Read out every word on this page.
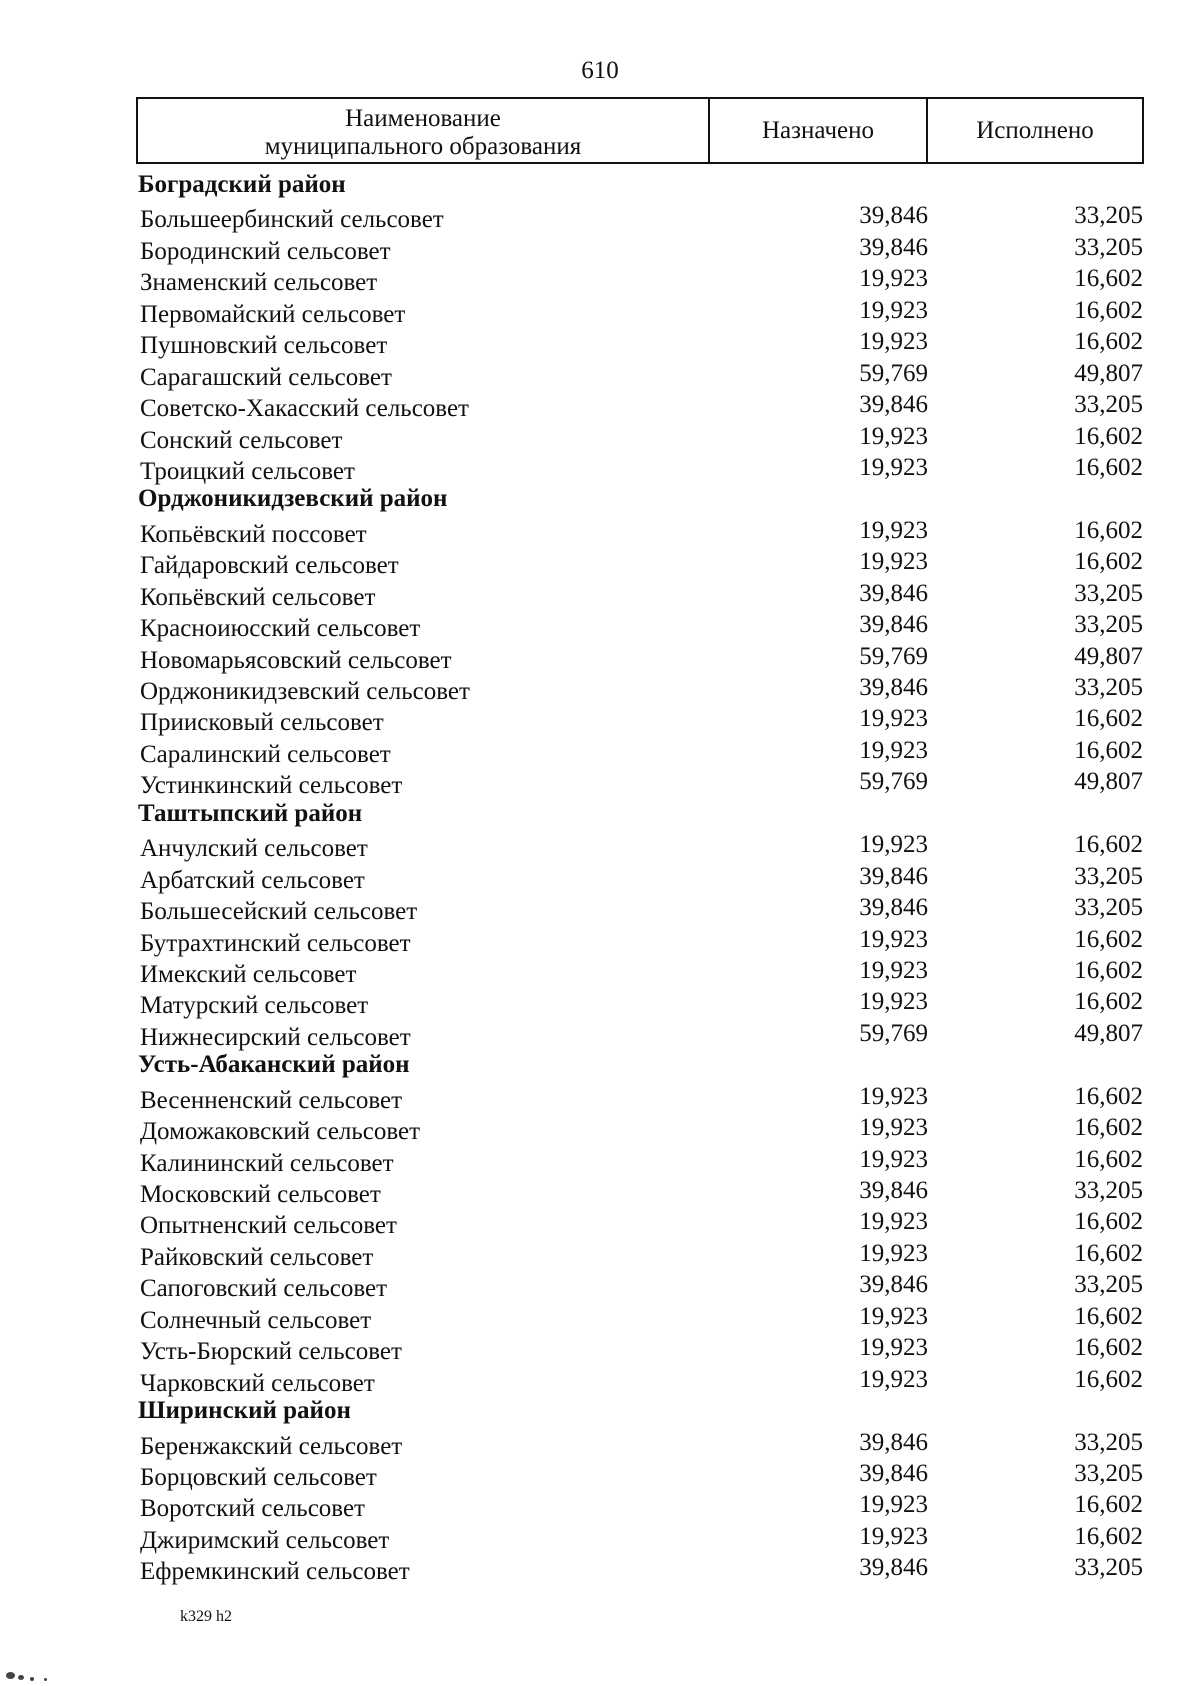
610
Наименование
муниципального образования
Назначено	Исполнено
Боградский район
Большеербинский сельсовет	39,846	33,205
Бородинский сельсовет	39,846	33,205
Знаменский сельсовет	19,923	16,602
Первомайский сельсовет	19,923	16,602
Пушновский сельсовет	19,923	16,602
Сарагашский сельсовет	59,769	49,807
Советско-Хакасский сельсовет	39,846	33,205
Сонский сельсовет	19,923	16,602
Троицкий сельсовет	19,923	16,602
Орджоникидзевский район
Копьёвский поссовет	19,923	16,602
Гайдаровский сельсовет	19,923	16,602
Копьёвский сельсовет	39,846	33,205
Красноиюсский сельсовет	39,846	33,205
Новомарьясовский сельсовет	59,769	49,807
Орджоникидзевский сельсовет	39,846	33,205
Приисковый сельсовет	19,923	16,602
Саралинский сельсовет	19,923	16,602
Устинкинский сельсовет	59,769	49,807
Таштыпский район
Анчулский сельсовет	19,923	16,602
Арбатский сельсовет	39,846	33,205
Большесейский сельсовет	39,846	33,205
Бутрахтинский сельсовет	19,923	16,602
Имекский сельсовет	19,923	16,602
Матурский сельсовет	19,923	16,602
Нижнесирский сельсовет	59,769	49,807
Усть-Абаканский район
Весенненский сельсовет	19,923	16,602
Доможаковский сельсовет	19,923	16,602
Калининский сельсовет	19,923	16,602
Московский сельсовет	39,846	33,205
Опытненский сельсовет	19,923	16,602
Райковский сельсовет	19,923	16,602
Сапоговский сельсовет	39,846	33,205
Солнечный сельсовет	19,923	16,602
Усть-Бюрский сельсовет	19,923	16,602
Чарковский сельсовет	19,923	16,602
Ширинский район
Беренжакский сельсовет	39,846	33,205
Борцовский сельсовет	39,846	33,205
Воротский сельсовет	19,923	16,602
Джиримский сельсовет	19,923	16,602
Ефремкинский сельсовет	39,846	33,205
k329 h2
